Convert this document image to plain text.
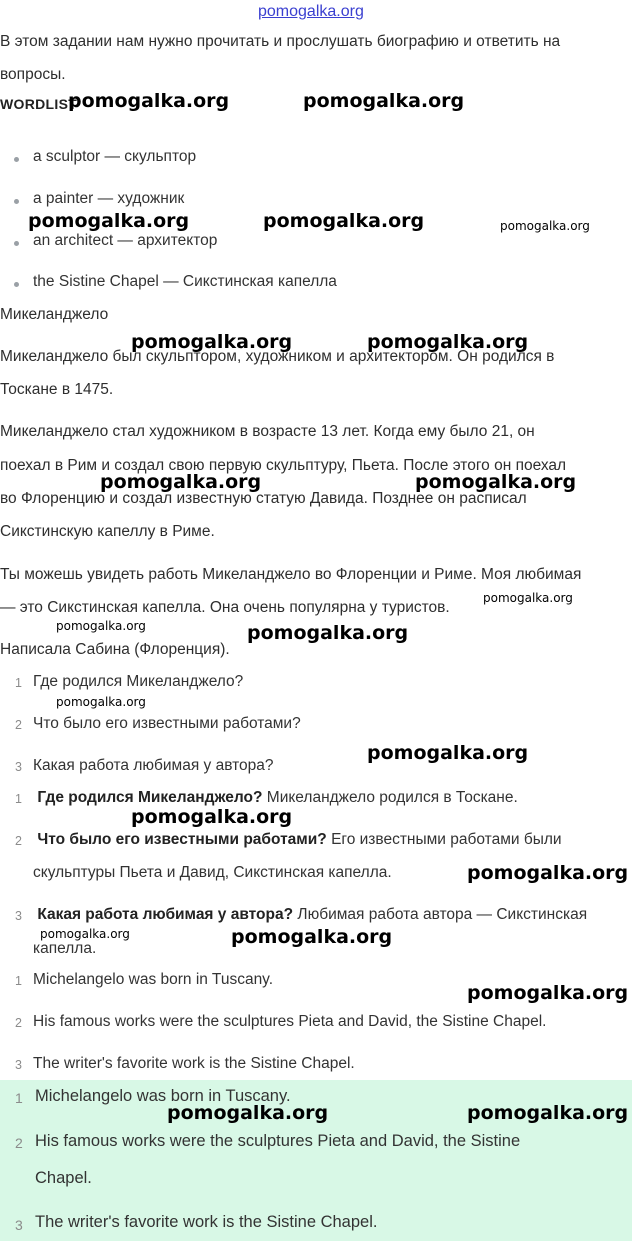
pomogalka.org
В этом задании нам нужно прочитать и прослушать биографию и ответить на
вопросы.
WORDLIST
a sculptor — скульптор
a painter — художник
an architect — архитектор
the Sistine Chapel — Сикстинская капелла
Микеланджело
Микеланджело был скульптором, художником и архитектором. Он родился в
Тоскане в 1475.
Микеланджело стал художником в возрасте 13 лет. Когда ему было 21, он
поехал в Рим и создал свою первую скульптуру, Пьета. После этого он поехал
во Флоренцию и создал известную статую Давида. Позднее он расписал
Сикстинскую капеллу в Риме.
Ты можешь увидеть работь Микеланджело во Флоренции и Риме. Моя любимая
— это Сикстинская капелла. Она очень популярна у туристов.
Написала Сабина (Флоренция).
1 Где родился Микеланджело?
2 Что было его известными работами?
3 Какая работа любимая у автора?
1 Где родился Микеланджело? Микеланджело родился в Тоскане.
2 Что было его известными работами? Его известными работами были
скульптуры Пьета и Давид, Сикстинская капелла.
3 Какая работа любимая у автора? Любимая работа автора — Сикстинская
капелла.
1 Michelangelo was born in Tuscany.
2 His famous works were the sculptures Pieta and David, the Sistine Chapel.
3 The writer's favorite work is the Sistine Chapel.
1 Michelangelo was born in Tuscany.
2 His famous works were the sculptures Pieta and David, the Sistine
Chapel.
3 The writer's favorite work is the Sistine Chapel.
pomogalka.org	pomogalka.org
pomogalka.org	pomogalka.org	pomogalka.org
pomogalka.org	pomogalka.org
pomogalka.org	pomogalka.org
pomogalka.org
pomogalka.org	pomogalka.org
pomogalka.org
pomogalka.org
pomogalka.org
pomogalka.org
pomogalka.org	pomogalka.org
pomogalka.org
pomogalka.org	pomogalka.org
